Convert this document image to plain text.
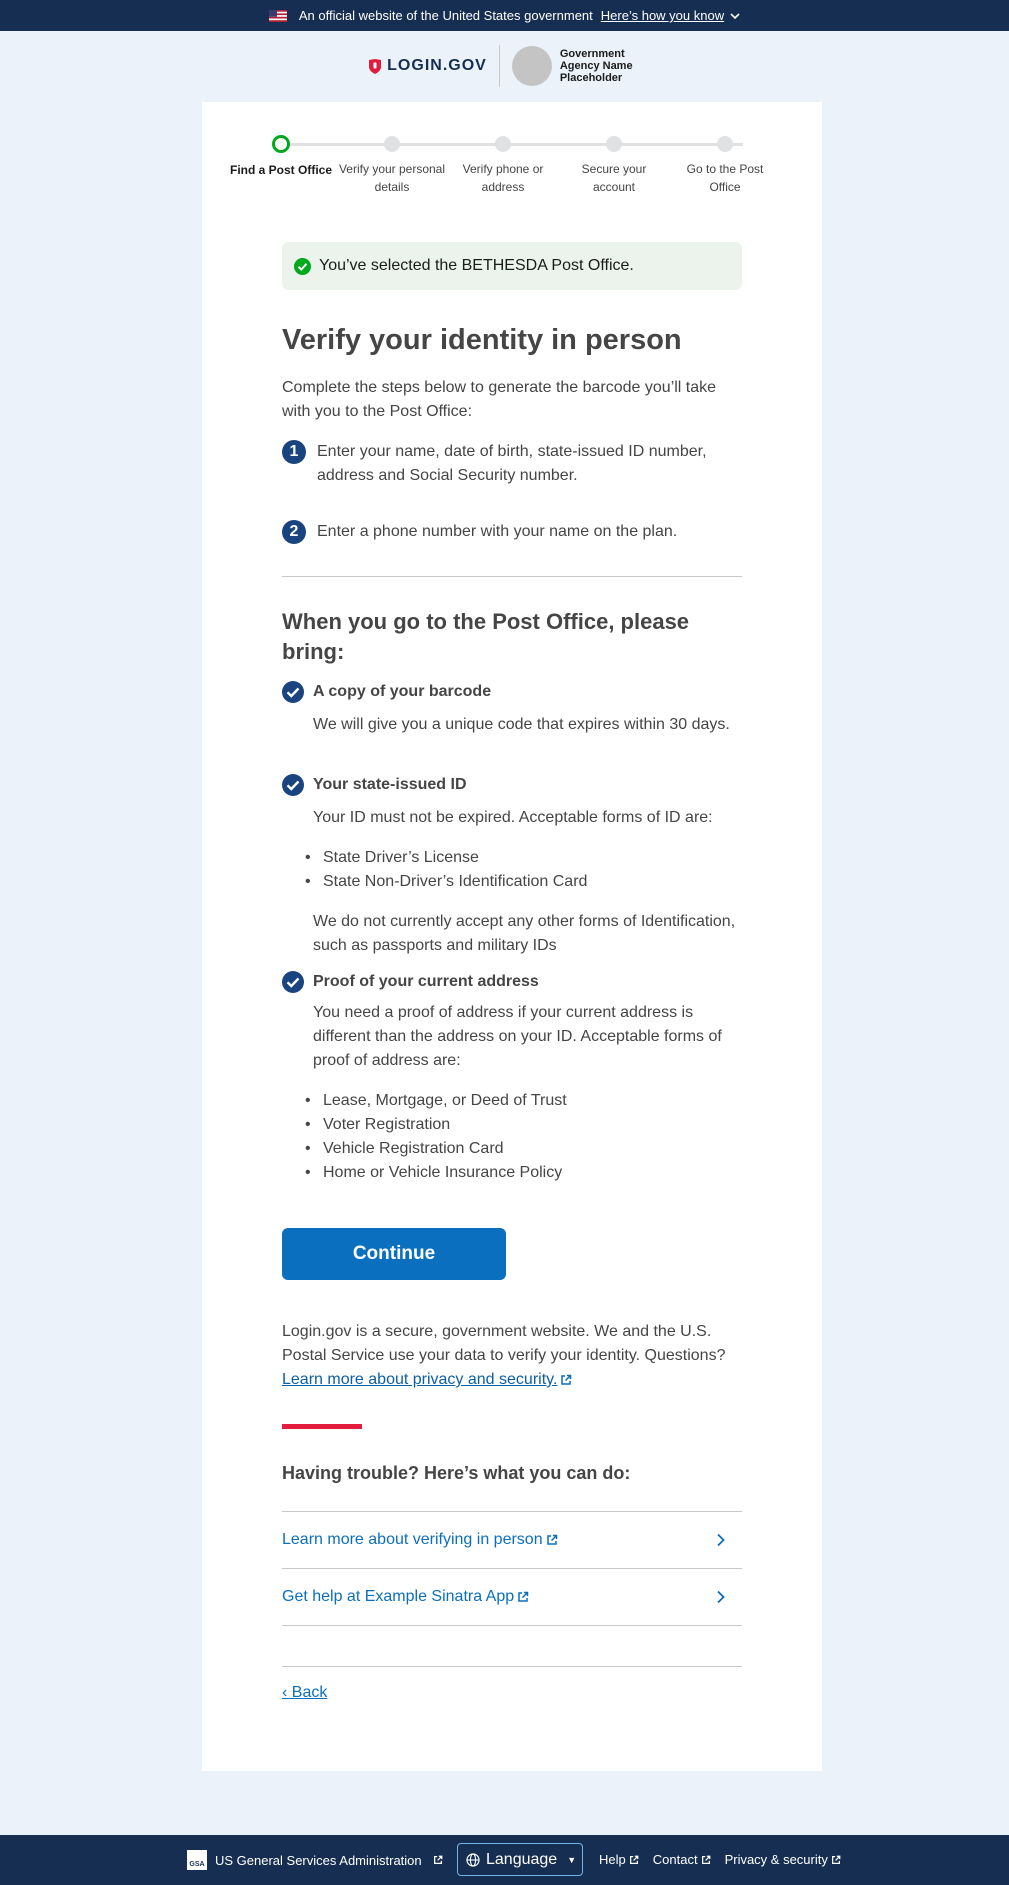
An official website of the United States government Here’s how you know
LOGIN.GOV
Government Agency Name Placeholder
Find a Post Office Verify your personal details
Verify phone or address
Secure your account
Go to the Post Office
You’ve selected the BETHESDA Post Office.
Verify your identity in person

Complete the steps below to generate the barcode you’ll take with you to the Post Office:

1	Enter your name, date of birth, state-issued ID number, address and Social Security number.
2	Enter a phone number with your name on the plan.
When you go to the Post Office, please bring:
A copy of your barcode
We will give you a unique code that expires within 30 days.
Your state-issued ID
Your ID must not be expired. Acceptable forms of ID are:
• State Driver’s License
• State Non-Driver’s Identification Card
We do not currently accept any other forms of Identification, such as passports and military IDs
Proof of your current address
You need a proof of address if your current address is different than the address on your ID. Acceptable forms of proof of address are:
• Lease, Mortgage, or Deed of Trust
• Voter Registration
• Vehicle Registration Card
• Home or Vehicle Insurance Policy
Continue

Login.gov is a secure, government website. We and the U.S. Postal Service use your data to verify your identity. Questions? Learn more about privacy and security.

Having trouble? Here’s what you can do:
Learn more about verifying in person
Get help at Example Sinatra App
‹ Back
GSA US General Services Administration	Language ▼ Help Contact Privacy & security
